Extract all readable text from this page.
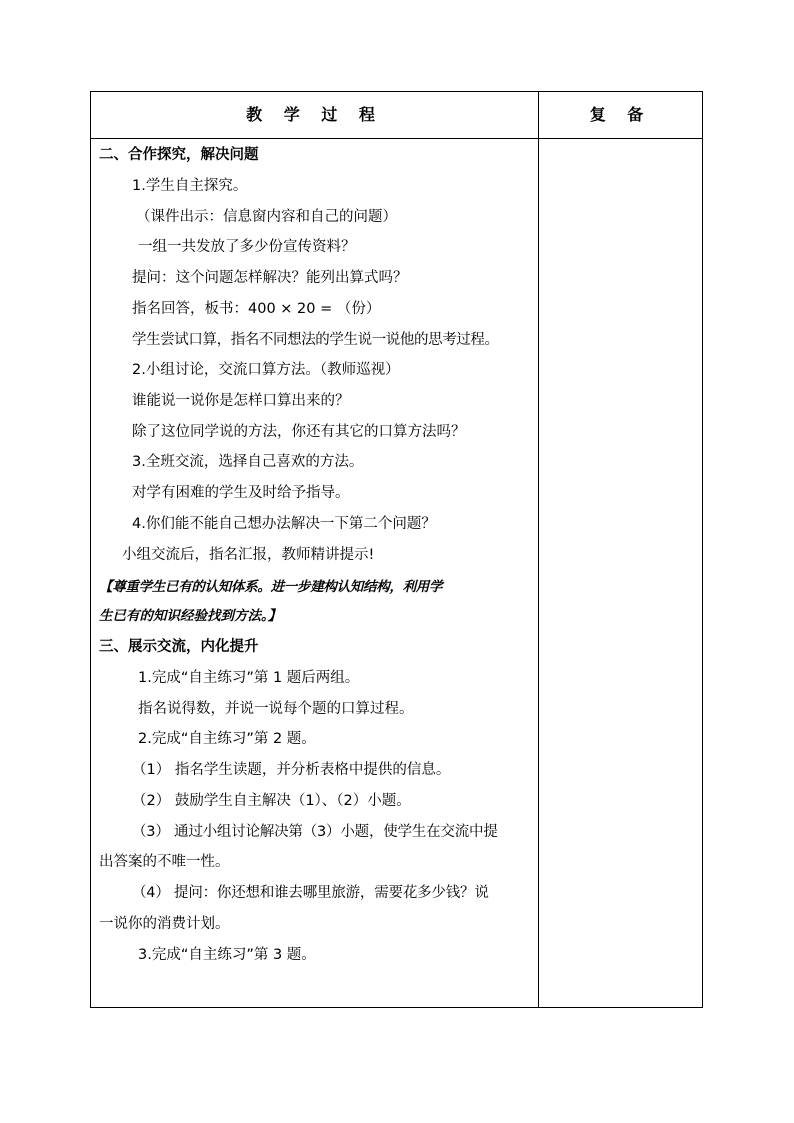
教 学 过 程	复 备
二、合作探究，解决问题
1.学生自主探究。
（课件出示：信息窗内容和自己的问题）
一组一共发放了多少份宣传资料？
提问：这个问题怎样解决？能列出算式吗？
指名回答，板书：400 × 20 = （份）
学生尝试口算，指名不同想法的学生说一说他的思考过程。
2.小组讨论，交流口算方法。（教师巡视）
谁能说一说你是怎样口算出来的？
除了这位同学说的方法，你还有其它的口算方法吗？
3.全班交流，选择自己喜欢的方法。
对学有困难的学生及时给予指导。
4.你们能不能自己想办法解决一下第二个问题？
小组交流后，指名汇报，教师精讲提示!
【尊重学生已有的认知体系。进一步建构认知结构，利用学
生已有的知识经验找到方法。】
三、展示交流，内化提升
1.完成“自主练习”第 1 题后两组。
指名说得数，并说一说每个题的口算过程。
2.完成“自主练习”第 2 题。
（1） 指名学生读题，并分析表格中提供的信息。
（2） 鼓励学生自主解决（1）、（2）小题。
（3） 通过小组讨论解决第（3）小题，使学生在交流中提
出答案的不唯一性。
（4） 提问：你还想和谁去哪里旅游，需要花多少钱？说
一说你的消费计划。
3.完成“自主练习”第 3 题。
